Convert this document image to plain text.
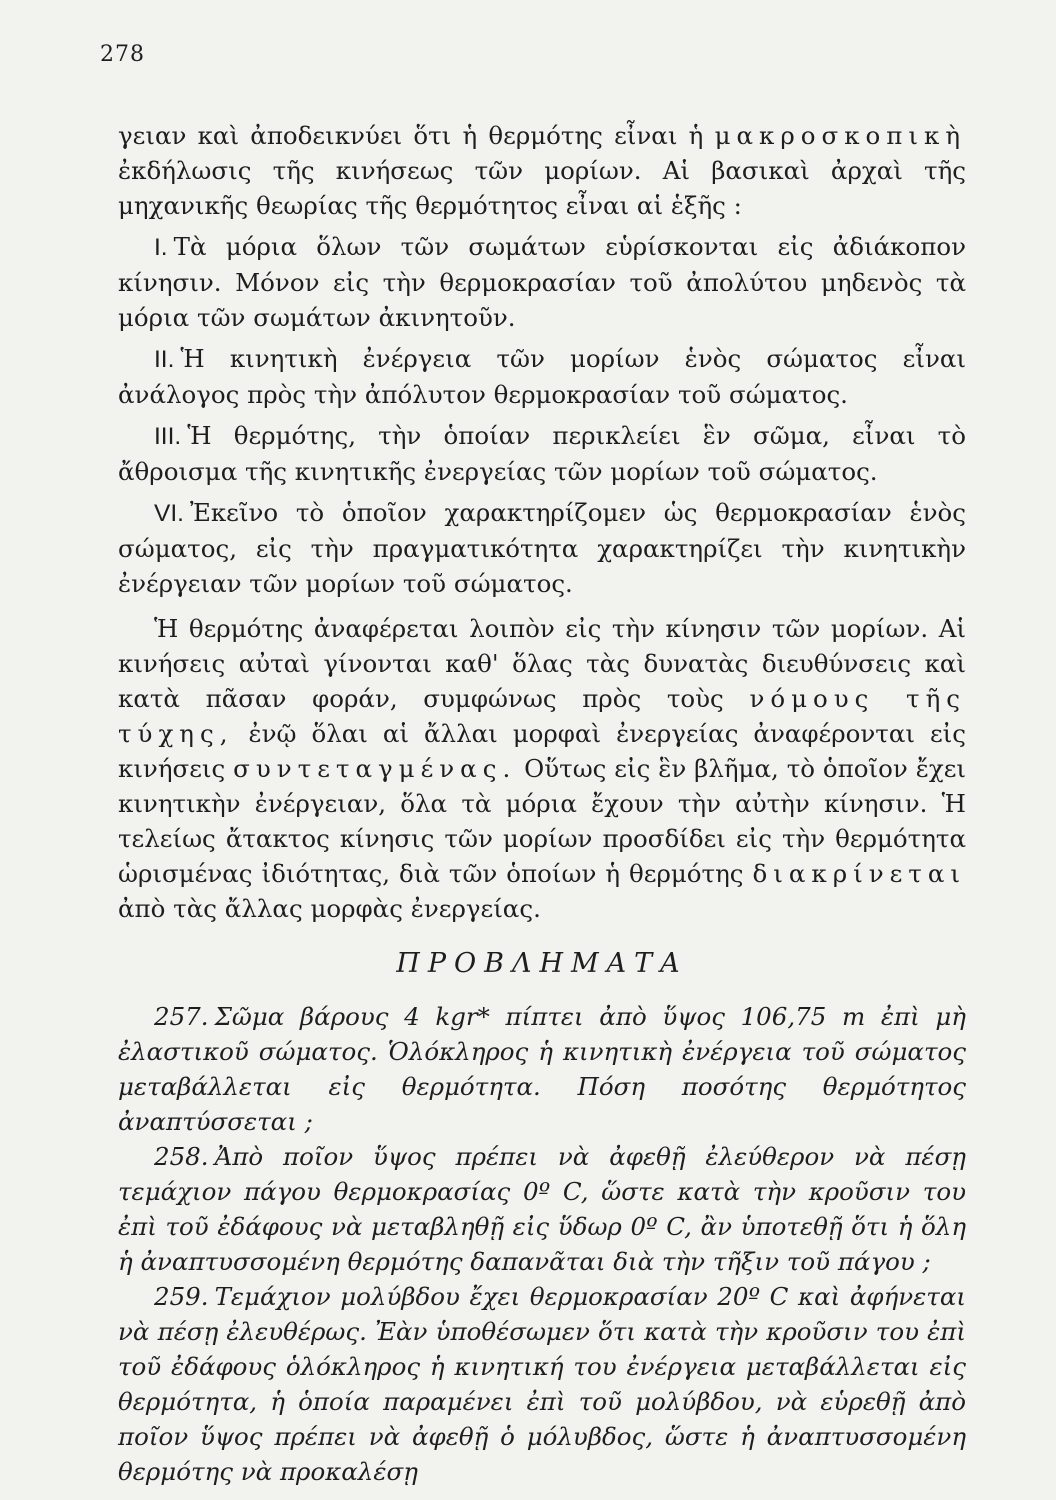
278

γειαν καὶ ἀποδεικνύει ὅτι ἡ θερμότης εἶναι ἡ μακροσκοπικὴ ἐκδήλωσις τῆς κινήσεως τῶν μορίων. Αἱ βασικαὶ ἀρχαὶ τῆς μηχανικῆς θεωρίας τῆς θερμότητος εἶναι αἱ ἑξῆς :

I. Τὰ μόρια ὅλων τῶν σωμάτων εὑρίσκονται εἰς ἀδιάκοπον κίνησιν. Μόνον εἰς τὴν θερμοκρασίαν τοῦ ἀπολύτου μηδενὸς τὰ μόρια τῶν σωμάτων ἀκινητοῦν.

II. Ἡ κινητικὴ ἐνέργεια τῶν μορίων ἑνὸς σώματος εἶναι ἀνάλογος πρὸς τὴν ἀπόλυτον θερμοκρασίαν τοῦ σώματος.

III. Ἡ θερμότης, τὴν ὁποίαν περικλείει ἓν σῶμα, εἶναι τὸ ἄθροισμα τῆς κινητικῆς ἐνεργείας τῶν μορίων τοῦ σώματος.

VI. Ἐκεῖνο τὸ ὁποῖον χαρακτηρίζομεν ὡς θερμοκρασίαν ἑνὸς σώματος, εἰς τὴν πραγματικότητα χαρακτηρίζει τὴν κινητικὴν ἐνέργειαν τῶν μορίων τοῦ σώματος.

Ἡ θερμότης ἀναφέρεται λοιπὸν εἰς τὴν κίνησιν τῶν μορίων. Αἱ κινήσεις αὐταὶ γίνονται καθ' ὅλας τὰς δυνατὰς διευθύνσεις καὶ κατὰ πᾶσαν φοράν, συμφώνως πρὸς τοὺς νόμους τῆς τύχης, ἐνῷ ὅλαι αἱ ἄλλαι μορφαὶ ἐνεργείας ἀναφέρονται εἰς κινήσεις συντεταγμένας. Οὕτως εἰς ἓν βλῆμα, τὸ ὁποῖον ἔχει κινητικὴν ἐνέργειαν, ὅλα τὰ μόρια ἔχουν τὴν αὐτὴν κίνησιν. Ἡ τελείως ἄτακτος κίνησις τῶν μορίων προσδίδει εἰς τὴν θερμότητα ὡρισμένας ἰδιότητας, διὰ τῶν ὁποίων ἡ θερμότης διακρίνεται ἀπὸ τὰς ἄλλας μορφὰς ἐνεργείας.

ΠΡΟΒΛΗΜΑΤΑ

257. Σῶμα βάρους 4 kgr* πίπτει ἀπὸ ὕψος 106,75 m ἐπὶ μὴ ἐλαστικοῦ σώματος. Ὁλόκληρος ἡ κινητικὴ ἐνέργεια τοῦ σώματος μεταβάλλεται εἰς θερμότητα. Πόση ποσότης θερμότητος ἀναπτύσσεται ;

258. Ἀπὸ ποῖον ὕψος πρέπει νὰ ἀφεθῇ ἐλεύθερον νὰ πέσῃ τεμάχιον πάγου θερμοκρασίας 0º C, ὥστε κατὰ τὴν κροῦσιν του ἐπὶ τοῦ ἐδάφους νὰ μεταβληθῇ εἰς ὕδωρ 0º C, ἂν ὑποτεθῇ ὅτι ἡ ὅλη ἡ ἀναπτυσσομένη θερμότης δαπανᾶται διὰ τὴν τῆξιν τοῦ πάγου ;

259. Τεμάχιον μολύβδου ἔχει θερμοκρασίαν 20º C καὶ ἀφήνεται νὰ πέσῃ ἐλευθέρως. Ἐὰν ὑποθέσωμεν ὅτι κατὰ τὴν κροῦσιν του ἐπὶ τοῦ ἐδάφους ὁλόκληρος ἡ κινητική του ἐνέργεια μεταβάλλεται εἰς θερμότητα, ἡ ὁποία παραμένει ἐπὶ τοῦ μολύβδου, νὰ εὑρεθῇ ἀπὸ ποῖον ὕψος πρέπει νὰ ἀφεθῇ ὁ μόλυβδος, ὥστε ἡ ἀναπτυσσομένη θερμότης νὰ προκαλέσῃ
